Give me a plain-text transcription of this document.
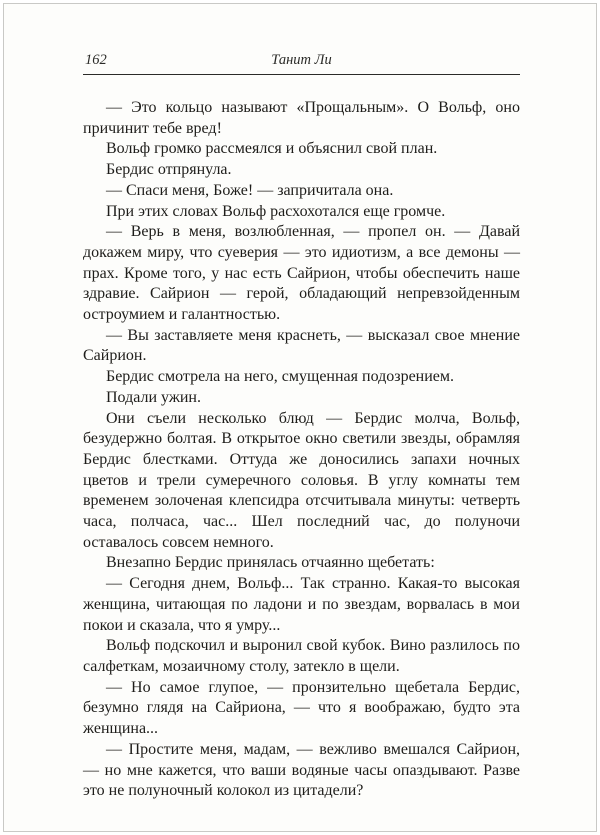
162	Танит Ли

— Это кольцо называют «Прощальным». О Вольф, оно причинит тебе вред!

Вольф громко рассмеялся и объяснил свой план.

Бердис отпрянула.

— Спаси меня, Боже! — запричитала она.

При этих словах Вольф расхохотался еще громче.

— Верь в меня, возлюбленная, — пропел он. — Давай докажем миру, что суеверия — это идиотизм, а все демоны — прах. Кроме того, у нас есть Сайрион, чтобы обеспечить наше здравие. Сайрион — герой, обладающий непревзойденным остроумием и галантностью.

— Вы заставляете меня краснеть, — высказал свое мнение Сайрион.

Бердис смотрела на него, смущенная подозрением.

Подали ужин.

Они съели несколько блюд — Бердис молча, Вольф, безудержно болтая. В открытое окно светили звезды, обрамляя Бердис блестками. Оттуда же доносились запахи ночных цветов и трели сумеречного соловья. В углу комнаты тем временем золоченая клепсидра отсчитывала минуты: четверть часа, полчаса, час... Шел последний час, до полуночи оставалось совсем немного.

Внезапно Бердис принялась отчаянно щебетать:

— Сегодня днем, Вольф... Так странно. Какая-то высокая женщина, читающая по ладони и по звездам, ворвалась в мои покои и сказала, что я умру...

Вольф подскочил и выронил свой кубок. Вино разлилось по салфеткам, мозаичному столу, затекло в щели.

— Но самое глупое, — пронзительно щебетала Бердис, безумно глядя на Сайриона, — что я воображаю, будто эта женщина...

— Простите меня, мадам, — вежливо вмешался Сайрион, — но мне кажется, что ваши водяные часы опаздывают. Разве это не полуночный колокол из цитадели?
